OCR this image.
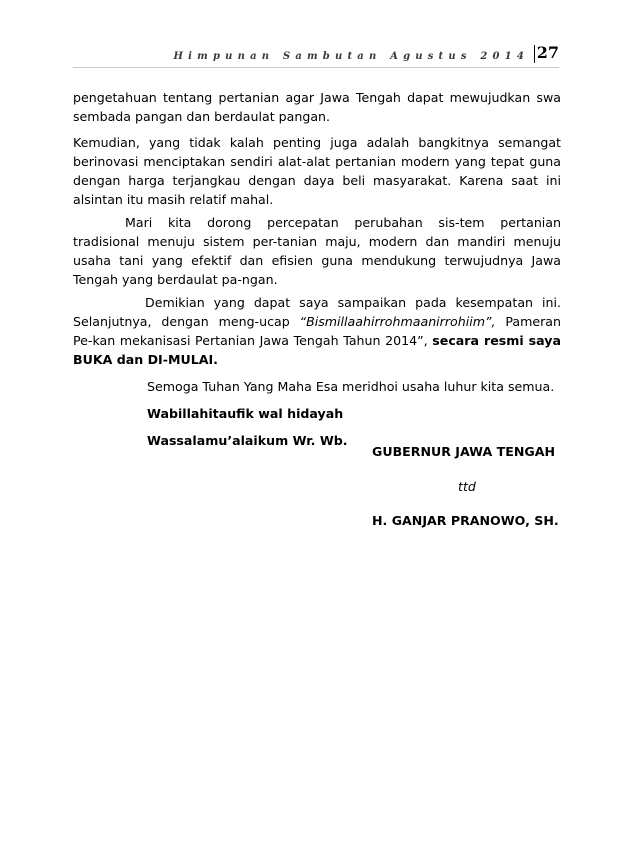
Himpunan Sambutan Agustus 2014 27

pengetahuan tentang pertanian agar Jawa Tengah dapat mewujudkan swa sembada pangan dan berdaulat pangan.

Kemudian, yang tidak kalah penting juga adalah bangkitnya semangat berinovasi menciptakan sendiri alat-alat pertanian modern yang tepat guna dengan harga terjangkau dengan daya beli masyarakat. Karena saat ini alsintan itu masih relatif mahal.

Mari kita dorong percepatan perubahan sis-tem pertanian tradisional menuju sistem per-tanian maju, modern dan mandiri menuju usaha tani yang efektif dan efisien guna mendukung terwujudnya Jawa Tengah yang berdaulat pa-ngan.

Demikian yang dapat saya sampaikan pada kesempatan ini. Selanjutnya, dengan meng-ucap “Bismillaahirrohmaanirrohiim”, Pameran Pe-kan mekanisasi Pertanian Jawa Tengah Tahun 2014”, secara resmi saya BUKA dan DI-MULAI.

Semoga Tuhan Yang Maha Esa meridhoi usaha luhur kita semua.

Wabillahitaufik wal hidayah

Wassalamu’alaikum Wr. Wb.

GUBERNUR JAWA TENGAH
ttd
H. GANJAR PRANOWO, SH.
